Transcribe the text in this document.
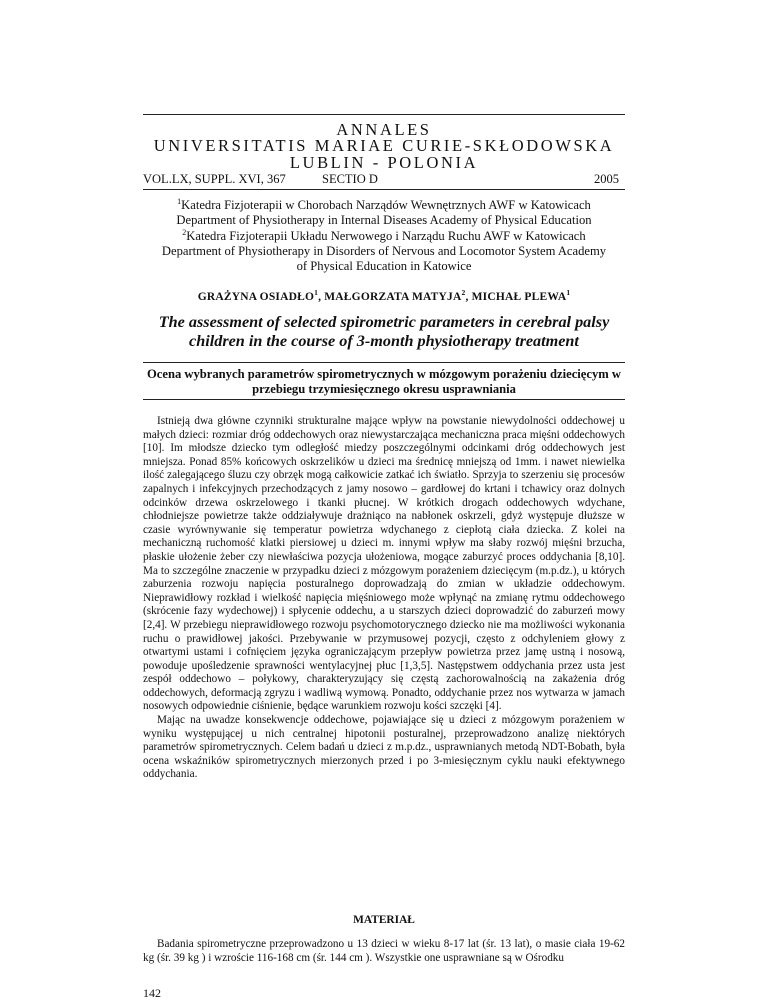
ANNALES
UNIVERSITATIS MARIAE CURIE-SKŁODOWSKA
LUBLIN - POLONIA
VOL.LX, SUPPL. XVI, 367	SECTIO D	2005
$^1$Katedra Fizjoterapii w Chorobach Narządów Wewnętrznych AWF w Katowicach
Department of Physiotherapy in Internal Diseases Academy of Physical Education
$^2$Katedra Fizjoterapii Układu Nerwowego i Narządu Ruchu AWF w Katowicach
Department of Physiotherapy in Disorders of Nervous and Locomotor System Academy
of Physical Education in Katowice
GRAŻYNA OSIADŁO$^1$, MAŁGORZATA MATYJA$^2$, MICHAŁ PLEWA$^1$
The assessment of selected spirometric parameters in cerebral palsy children in the course of 3-month physiotherapy treatment
Ocena wybranych parametrów spirometrycznych w mózgowym porażeniu dziecięcym w przebiegu trzymiesięcznego okresu usprawniania

Istnieją dwa główne czynniki strukturalne mające wpływ na powstanie niewydolności oddechowej u małych dzieci: rozmiar dróg oddechowych oraz niewystarczająca mechaniczna praca mięśni oddechowych [10]. Im młodsze dziecko tym odległość miedzy poszczególnymi odcinkami dróg oddechowych jest mniejsza. Ponad 85% końcowych oskrzelików u dzieci ma średnicę mniejszą od 1mm. i nawet niewielka ilość zalegającego śluzu czy obrzęk mogą całkowicie zatkać ich światło. Sprzyja to szerzeniu się procesów zapalnych i infekcyjnych przechodzących z jamy nosowo – gardłowej do krtani i tchawicy oraz dolnych odcinków drzewa oskrzelowego i tkanki płucnej. W krótkich drogach oddechowych wdychane, chłodniejsze powietrze także oddziaływuje drażniąco na nabłonek oskrzeli, gdyż występuje dłuższe w czasie wyrównywanie się temperatur powietrza wdychanego z ciepłotą ciała dziecka. Z kolei na mechaniczną ruchomość klatki piersiowej u dzieci m. innymi wpływ ma słaby rozwój mięśni brzucha, płaskie ułożenie żeber czy niewłaściwa pozycja ułożeniowa, mogące zaburzyć proces oddychania [8,10]. Ma to szczególne znaczenie w przypadku dzieci z mózgowym porażeniem dziecięcym (m.p.dz.), u których zaburzenia rozwoju napięcia posturalnego doprowadzają do zmian w układzie oddechowym. Nieprawidłowy rozkład i wielkość napięcia mięśniowego może wpłynąć na zmianę rytmu oddechowego (skrócenie fazy wydechowej) i spłycenie oddechu, a u starszych dzieci doprowadzić do zaburzeń mowy [2,4]. W przebiegu nieprawidłowego rozwoju psychomotorycznego dziecko nie ma możliwości wykonania ruchu o prawidłowej jakości. Przebywanie w przymusowej pozycji, często z odchyleniem głowy z otwartymi ustami i cofnięciem języka ograniczającym przepływ powietrza przez jamę ustną i nosową, powoduje upośledzenie sprawności wentylacyjnej płuc [1,3,5]. Następstwem oddychania przez usta jest zespół oddechowo – połykowy, charakteryzujący się częstą zachorowalnością na zakażenia dróg oddechowych, deformacją zgryzu i wadliwą wymową. Ponadto, oddychanie przez nos wytwarza w jamach nosowych odpowiednie ciśnienie, będące warunkiem rozwoju kości szczęki [4].

Mając na uwadze konsekwencje oddechowe, pojawiające się u dzieci z mózgowym porażeniem w wyniku występującej u nich centralnej hipotonii posturalnej, przeprowadzono analizę niektórych parametrów spirometrycznych. Celem badań u dzieci z m.p.dz., usprawnianych metodą NDT-Bobath, była ocena wskaźników spirometrycznych mierzonych przed i po 3-miesięcznym cyklu nauki efektywnego oddychania.

MATERIAŁ

Badania spirometryczne przeprowadzono u 13 dzieci w wieku 8-17 lat (śr. 13 lat), o masie ciała 19-62 kg (śr. 39 kg ) i wzroście 116-168 cm (śr. 144 cm ). Wszystkie one usprawniane są w Ośrodku

142
